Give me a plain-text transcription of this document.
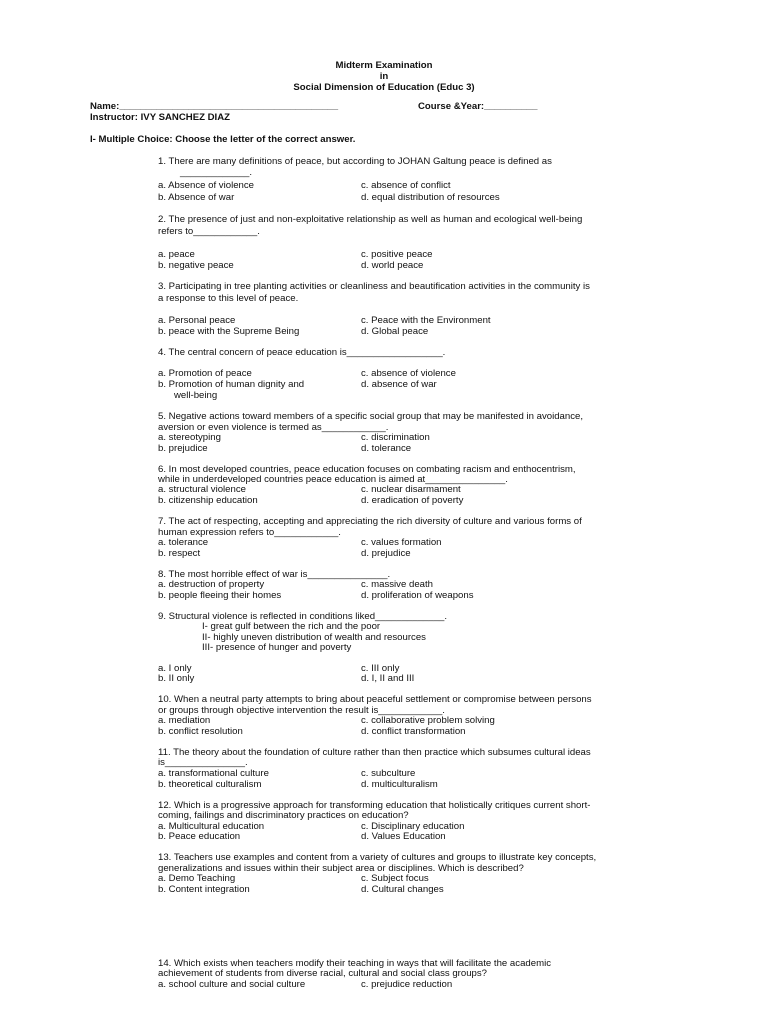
Midterm Examination
in
Social Dimension of Education (Educ 3)
Name:_________________________________________	Course &Year:__________
Instructor: IVY SANCHEZ DIAZ
I- Multiple Choice: Choose the letter of the correct answer.
1. There are many definitions of peace, but according to JOHAN Galtung peace is defined as
_____________.
a. Absence of violence	c. absence of conflict
b. Absence of war	d. equal distribution of resources
2. The presence of just and non-exploitative relationship as well as human and ecological well-being
refers to____________.
a. peace	c. positive peace
b. negative peace	d. world peace
3. Participating in tree planting activities or cleanliness and beautification activities in the community is
a response to this level of peace.
a. Personal peace	c. Peace with the Environment
b. peace with the Supreme Being	d. Global peace
4. The central concern of peace education is__________________.
a. Promotion of peace	c. absence of violence
b. Promotion of human dignity and	d. absence of war
well-being
5. Negative actions toward members of a specific social group that may be manifested in avoidance,
aversion or even violence is termed as____________.
a. stereotyping	c. discrimination
b. prejudice	d. tolerance
6. In most developed countries, peace education focuses on combating racism and enthocentrism,
while in underdeveloped countries peace education is aimed at_______________.
a. structural violence	c. nuclear disarmament
b. citizenship education	d. eradication of poverty
7. The act of respecting, accepting and appreciating the rich diversity of culture and various forms of
human expression refers to____________.
a. tolerance	c. values formation
b. respect	d. prejudice
8. The most horrible effect of war is_______________.
a. destruction of property	c. massive death
b. people fleeing their homes	d. proliferation of weapons
9. Structural violence is reflected in conditions liked_____________.
I- great gulf between the rich and the poor
II- highly uneven distribution of wealth and resources
III- presence of hunger and poverty
a. I only	c. III only
b. II only	d. I, II and III
10. When a neutral party attempts to bring about peaceful settlement or compromise between persons
or groups through objective intervention the result is____________.
a. mediation	c. collaborative problem solving
b. conflict resolution	d. conflict transformation
11. The theory about the foundation of culture rather than then practice which subsumes cultural ideas
is_______________.
a. transformational culture	c. subculture
b. theoretical culturalism	d. multiculturalism
12. Which is a progressive approach for transforming education that holistically critiques current short-
coming, failings and discriminatory practices on education?
a. Multicultural education	c. Disciplinary education
b. Peace education	d. Values Education
13. Teachers use examples and content from a variety of cultures and groups to illustrate key concepts,
generalizations and issues within their subject area or disciplines. Which is described?
a. Demo Teaching	c. Subject focus
b. Content integration	d. Cultural changes
14. Which exists when teachers modify their teaching in ways that will facilitate the academic
achievement of students from diverse racial, cultural and social class groups?
a. school culture and social culture	c. prejudice reduction
